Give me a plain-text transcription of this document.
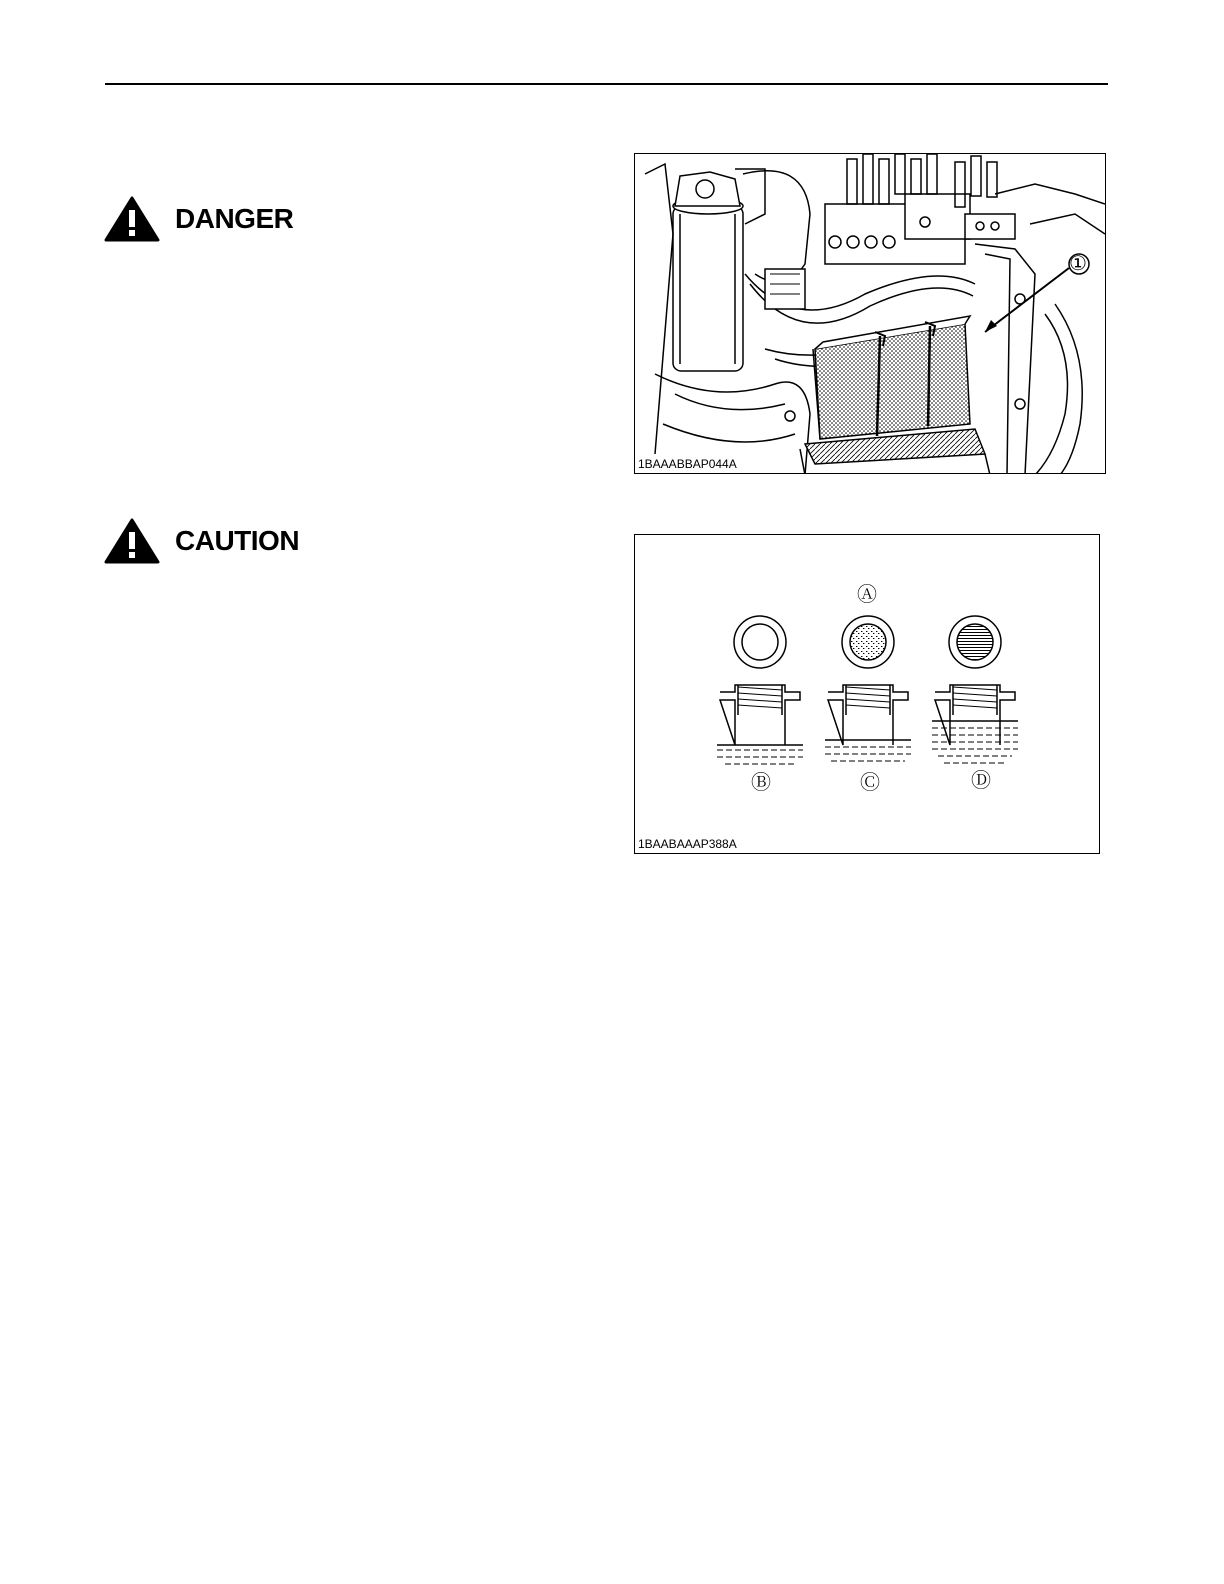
DANGER
CAUTION
①
1BAAABBAP044A
Ⓐ
Ⓑ	Ⓒ	Ⓓ
1BAABAAAP388A
